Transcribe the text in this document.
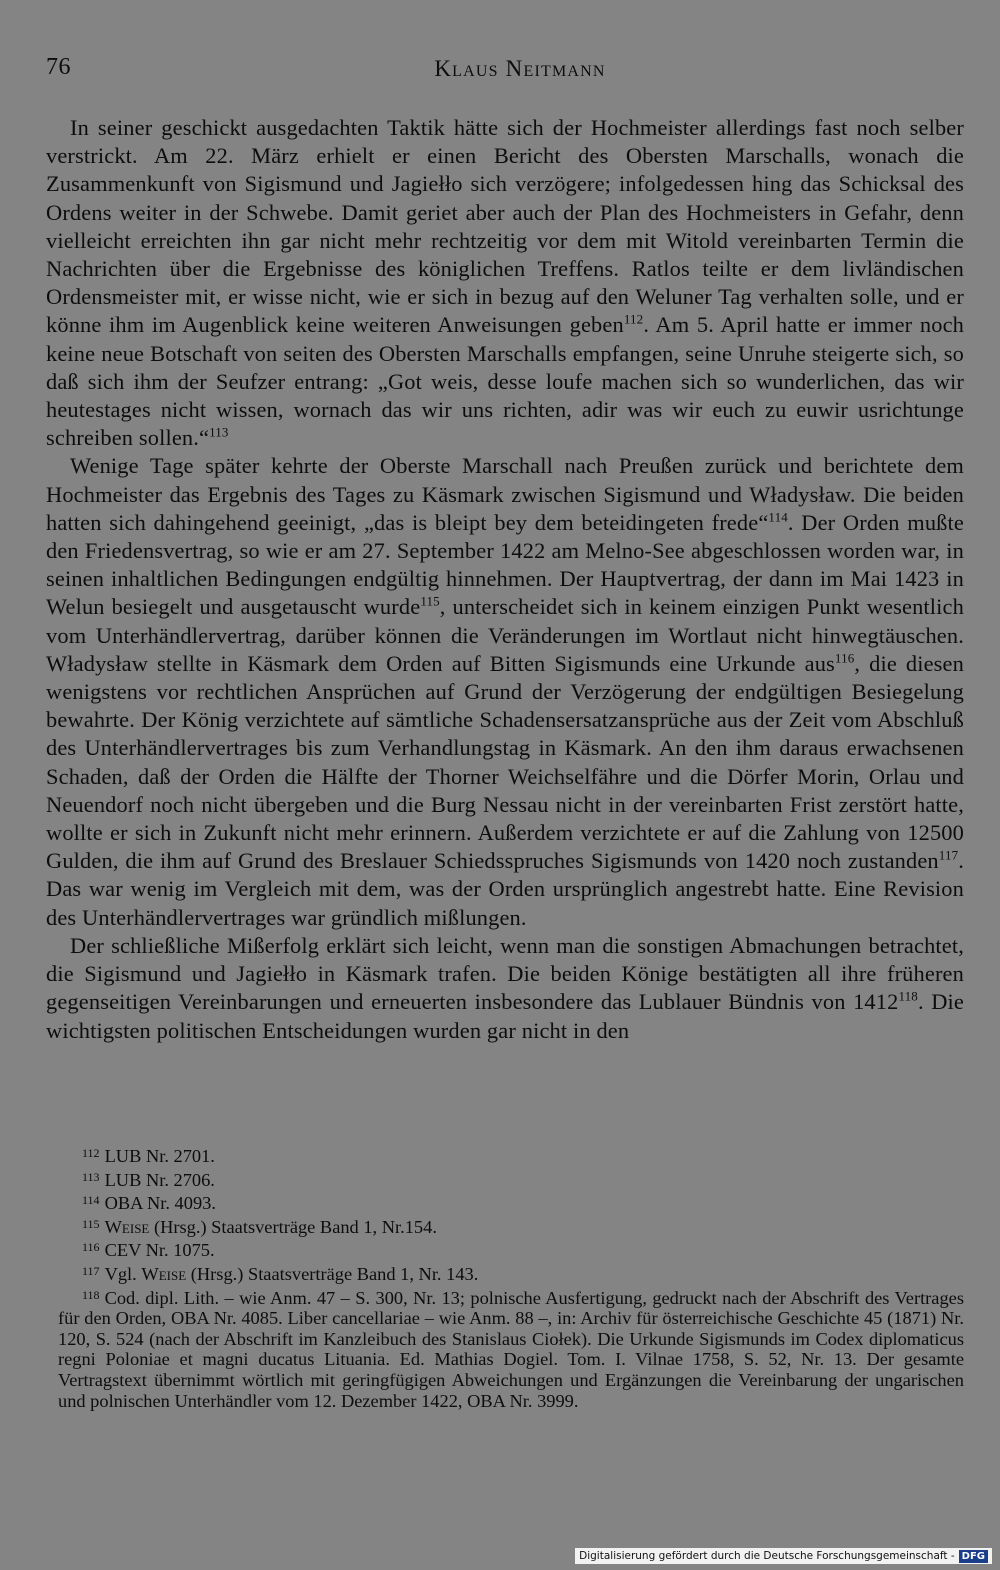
76	Klaus Neitmann

In seiner geschickt ausgedachten Taktik hätte sich der Hochmeister allerdings fast noch selber verstrickt. Am 22. März erhielt er einen Bericht des Obersten Marschalls, wonach die Zusammenkunft von Sigismund und Jagiełło sich verzögere; infolgedessen hing das Schicksal des Ordens weiter in der Schwebe. Damit geriet aber auch der Plan des Hochmeisters in Gefahr, denn vielleicht erreichten ihn gar nicht mehr rechtzeitig vor dem mit Witold vereinbarten Termin die Nachrichten über die Ergebnisse des königlichen Treffens. Ratlos teilte er dem livländischen Ordensmeister mit, er wisse nicht, wie er sich in bezug auf den Weluner Tag verhalten solle, und er könne ihm im Augenblick keine weiteren Anweisungen geben$^{112}$. Am 5. April hatte er immer noch keine neue Botschaft von seiten des Obersten Marschalls empfangen, seine Unruhe steigerte sich, so daß sich ihm der Seufzer entrang: „Got weis, desse loufe machen sich so wunderlichen, das wir heutestages nicht wissen, wornach das wir uns richten, adir was wir euch zu euwir usrichtunge schreiben sollen.“$^{113}$

Wenige Tage später kehrte der Oberste Marschall nach Preußen zurück und berichtete dem Hochmeister das Ergebnis des Tages zu Käsmark zwischen Sigismund und Władysław. Die beiden hatten sich dahingehend geeinigt, „das is bleipt bey dem beteidingeten frede“$^{114}$. Der Orden mußte den Friedensvertrag, so wie er am 27. September 1422 am Melno-See abgeschlossen worden war, in seinen inhaltlichen Bedingungen endgültig hinnehmen. Der Hauptvertrag, der dann im Mai 1423 in Welun besiegelt und ausgetauscht wurde$^{115}$, unterscheidet sich in keinem einzigen Punkt wesentlich vom Unterhändlervertrag, darüber können die Veränderungen im Wortlaut nicht hinwegtäuschen. Władysław stellte in Käsmark dem Orden auf Bitten Sigismunds eine Urkunde aus$^{116}$, die diesen wenigstens vor rechtlichen Ansprüchen auf Grund der Verzögerung der endgültigen Besiegelung bewahrte. Der König verzichtete auf sämtliche Schadensersatzansprüche aus der Zeit vom Abschluß des Unterhändlervertrages bis zum Verhandlungstag in Käsmark. An den ihm daraus erwachsenen Schaden, daß der Orden die Hälfte der Thorner Weichselfähre und die Dörfer Morin, Orlau und Neuendorf noch nicht übergeben und die Burg Nessau nicht in der vereinbarten Frist zerstört hatte, wollte er sich in Zukunft nicht mehr erinnern. Außerdem verzichtete er auf die Zahlung von 12500 Gulden, die ihm auf Grund des Breslauer Schiedsspruches Sigismunds von 1420 noch zustanden$^{117}$. Das war wenig im Vergleich mit dem, was der Orden ursprünglich angestrebt hatte. Eine Revision des Unterhändlervertrages war gründlich mißlungen.

Der schließliche Mißerfolg erklärt sich leicht, wenn man die sonstigen Abmachungen betrachtet, die Sigismund und Jagiełło in Käsmark trafen. Die beiden Könige bestätigten all ihre früheren gegenseitigen Vereinbarungen und erneuerten insbesondere das Lublauer Bündnis von 1412$^{118}$. Die wichtigsten politischen Entscheidungen wurden gar nicht in den

$^{112}$ LUB Nr. 2701.

$^{113}$ LUB Nr. 2706.

$^{114}$ OBA Nr. 4093.

$^{115}$ Weise (Hrsg.) Staatsverträge Band 1, Nr.154.

$^{116}$ CEV Nr. 1075.

$^{117}$ Vgl. Weise (Hrsg.) Staatsverträge Band 1, Nr. 143.

$^{118}$ Cod. dipl. Lith. – wie Anm. 47 – S. 300, Nr. 13; polnische Ausfertigung, gedruckt nach der Abschrift des Vertrages für den Orden, OBA Nr. 4085. Liber cancellariae – wie Anm. 88 –, in: Archiv für österreichische Geschichte 45 (1871) Nr. 120, S. 524 (nach der Abschrift im Kanzleibuch des Stanislaus Ciołek). Die Urkunde Sigismunds im Codex diplomaticus regni Poloniae et magni ducatus Lituania. Ed. Mathias Dogiel. Tom. I. Vilnae 1758, S. 52, Nr. 13. Der gesamte Vertragstext übernimmt wörtlich mit geringfügigen Abweichungen und Ergänzungen die Vereinbarung der ungarischen und polnischen Unterhändler vom 12. Dezember 1422, OBA Nr. 3999.

Digitalisierung gefördert durch die Deutsche Forschungsgemeinschaft - DFG
